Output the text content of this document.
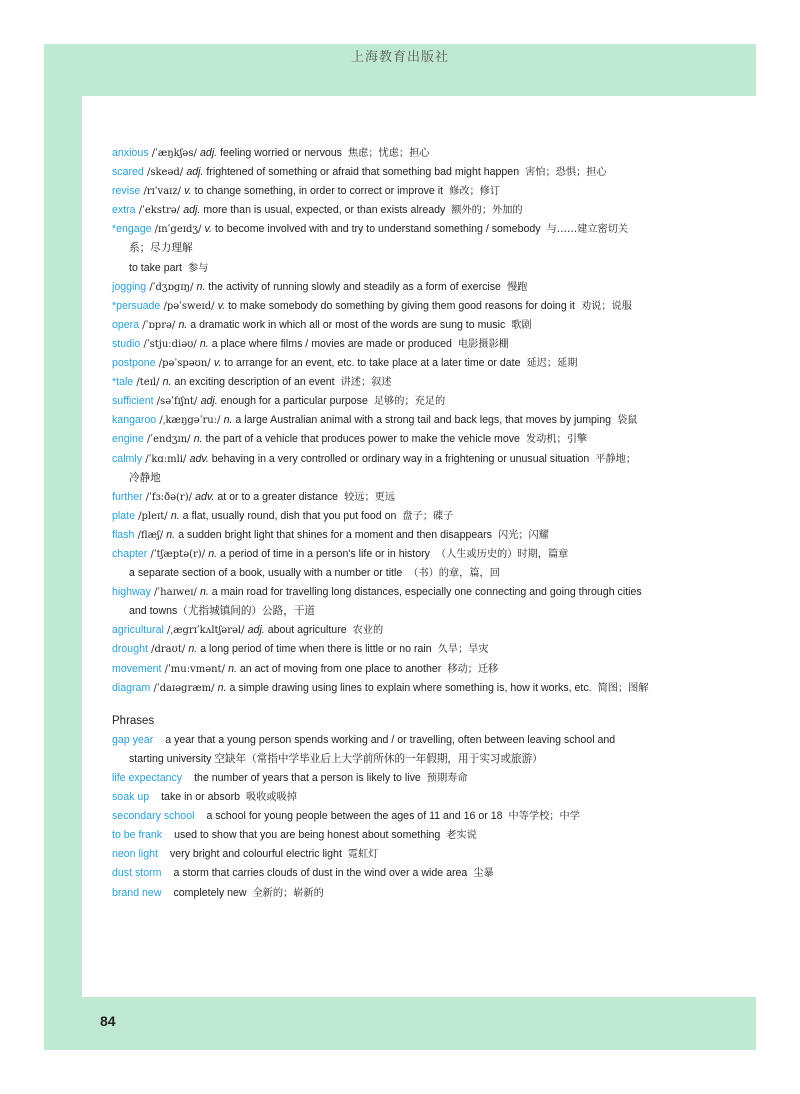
上海教育出版社
anxious /ˈæŋkʃəs/ adj. feeling worried or nervous 焦虑；忧虑；担心
scared /skeəd/ adj. frightened of something or afraid that something bad might happen 害怕；恐惧；担心
revise /rɪˈvaɪz/ v. to change something, in order to correct or improve it 修改；修订
extra /ˈekstrə/ adj. more than is usual, expected, or than exists already 额外的；外加的
*engage /ɪnˈgeɪdʒ/ v. to become involved with and try to understand something / somebody 与……建立密切关
系；尽力理解
to take part 参与
jogging /ˈdʒɒgɪŋ/ n. the activity of running slowly and steadily as a form of exercise 慢跑
*persuade /pəˈsweɪd/ v. to make somebody do something by giving them good reasons for doing it 劝说；说服
opera /ˈɒprə/ n. a dramatic work in which all or most of the words are sung to music 歌剧
studio /ˈstjuːdiəʊ/ n. a place where films / movies are made or produced 电影摄影棚
postpone /pəˈspəʊn/ v. to arrange for an event, etc. to take place at a later time or date 延迟；延期
*tale /teɪl/ n. an exciting description of an event 讲述；叙述
sufficient /səˈfɪʃnt/ adj. enough for a particular purpose 足够的；充足的
kangaroo /ˌkæŋgəˈruː/ n. a large Australian animal with a strong tail and back legs, that moves by jumping 袋鼠
engine /ˈendʒɪn/ n. the part of a vehicle that produces power to make the vehicle move 发动机；引擎
calmly /ˈkɑːmli/ adv. behaving in a very controlled or ordinary way in a frightening or unusual situation 平静地；
冷静地
further /ˈfɜːðə(r)/ adv. at or to a greater distance 较远；更远
plate /pleɪt/ n. a flat, usually round, dish that you put food on 盘子；碟子
flash /flæʃ/ n. a sudden bright light that shines for a moment and then disappears 闪光；闪耀
chapter /ˈtʃæptə(r)/ n. a period of time in a person's life or in history （人生或历史的）时期，篇章
a separate section of a book, usually with a number or title （书）的章，篇，回
highway /ˈhaɪweɪ/ n. a main road for travelling long distances, especially one connecting and going through cities
and towns（尤指城镇间的）公路，干道
agricultural /ˌægrɪˈkʌltʃərəl/ adj. about agriculture 农业的
drought /draʊt/ n. a long period of time when there is little or no rain 久旱；旱灾
movement /ˈmuːvmənt/ n. an act of moving from one place to another 移动；迁移
diagram /ˈdaɪəgræm/ n. a simple drawing using lines to explain where something is, how it works, etc. 简图；图解
Phrases
gap year a year that a young person spends working and / or travelling, often between leaving school and
starting university 空缺年（常指中学毕业后上大学前所休的一年假期，用于实习或旅游）
life expectancy the number of years that a person is likely to live 预期寿命
soak up take in or absorb 吸收或吸掉
secondary school a school for young people between the ages of 11 and 16 or 18 中等学校；中学
to be frank used to show that you are being honest about something 老实说
neon light very bright and colourful electric light 霓虹灯
dust storm a storm that carries clouds of dust in the wind over a wide area 尘暴
brand new completely new 全新的；崭新的
84
